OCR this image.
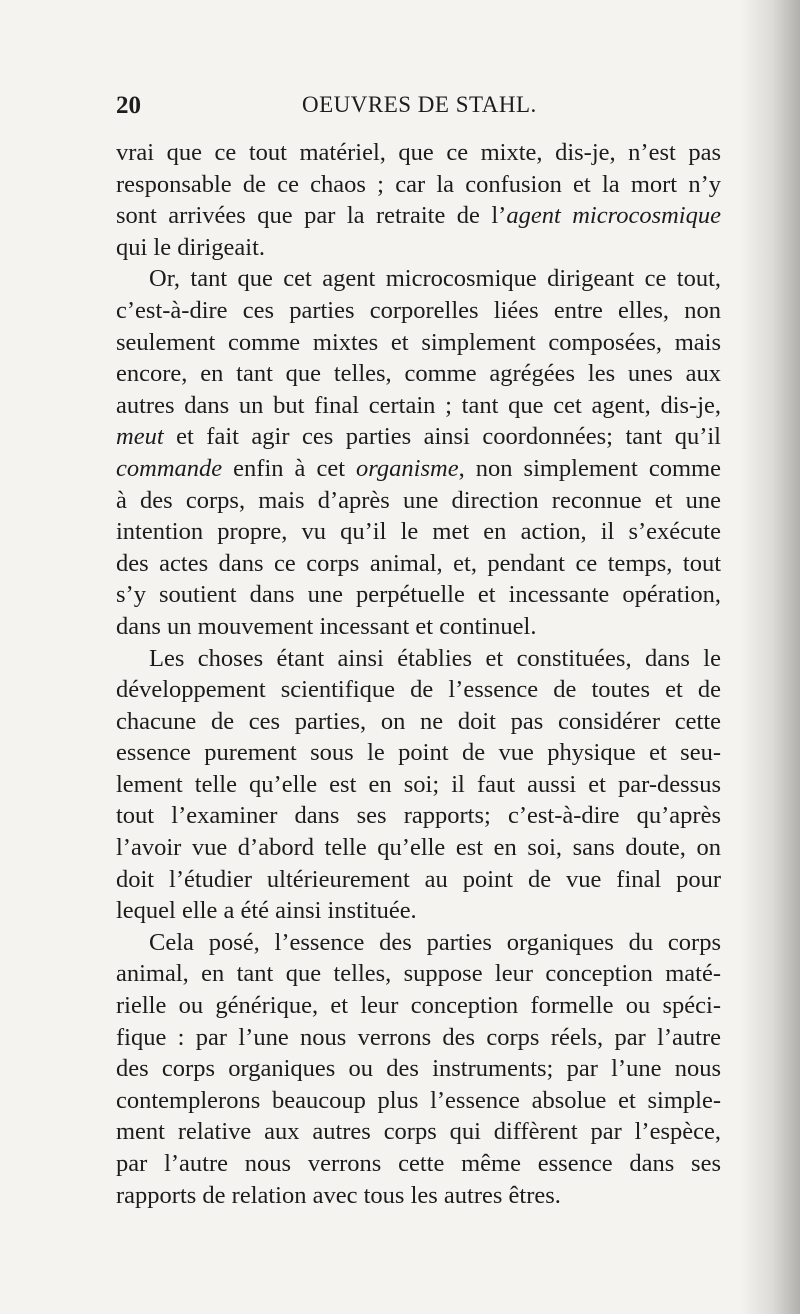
20	OEUVRES DE STAHL.
vrai que ce tout matériel, que ce mixte, dis-je, n’est pas
responsable de ce chaos ; car la confusion et la mort n’y
sont arrivées que par la retraite de l’agent microcosmique
qui le dirigeait.
Or, tant que cet agent microcosmique dirigeant ce tout,
c’est-à-dire ces parties corporelles liées entre elles, non
seulement comme mixtes et simplement composées, mais
encore, en tant que telles, comme agrégées les unes aux
autres dans un but final certain ; tant que cet agent, dis-je,
meut et fait agir ces parties ainsi coordonnées; tant qu’il
commande enfin à cet organisme, non simplement comme
à des corps, mais d’après une direction reconnue et une
intention propre, vu qu’il le met en action, il s’exécute
des actes dans ce corps animal, et, pendant ce temps, tout
s’y soutient dans une perpétuelle et incessante opération,
dans un mouvement incessant et continuel.
Les choses étant ainsi établies et constituées, dans le
développement scientifique de l’essence de toutes et de
chacune de ces parties, on ne doit pas considérer cette
essence purement sous le point de vue physique et seu-
lement telle qu’elle est en soi; il faut aussi et par-dessus
tout l’examiner dans ses rapports; c’est-à-dire qu’après
l’avoir vue d’abord telle qu’elle est en soi, sans doute, on
doit l’étudier ultérieurement au point de vue final pour
lequel elle a été ainsi instituée.
Cela posé, l’essence des parties organiques du corps
animal, en tant que telles, suppose leur conception maté-
rielle ou générique, et leur conception formelle ou spéci-
fique : par l’une nous verrons des corps réels, par l’autre
des corps organiques ou des instruments; par l’une nous
contemplerons beaucoup plus l’essence absolue et simple-
ment relative aux autres corps qui diffèrent par l’espèce,
par l’autre nous verrons cette même essence dans ses
rapports de relation avec tous les autres êtres.
